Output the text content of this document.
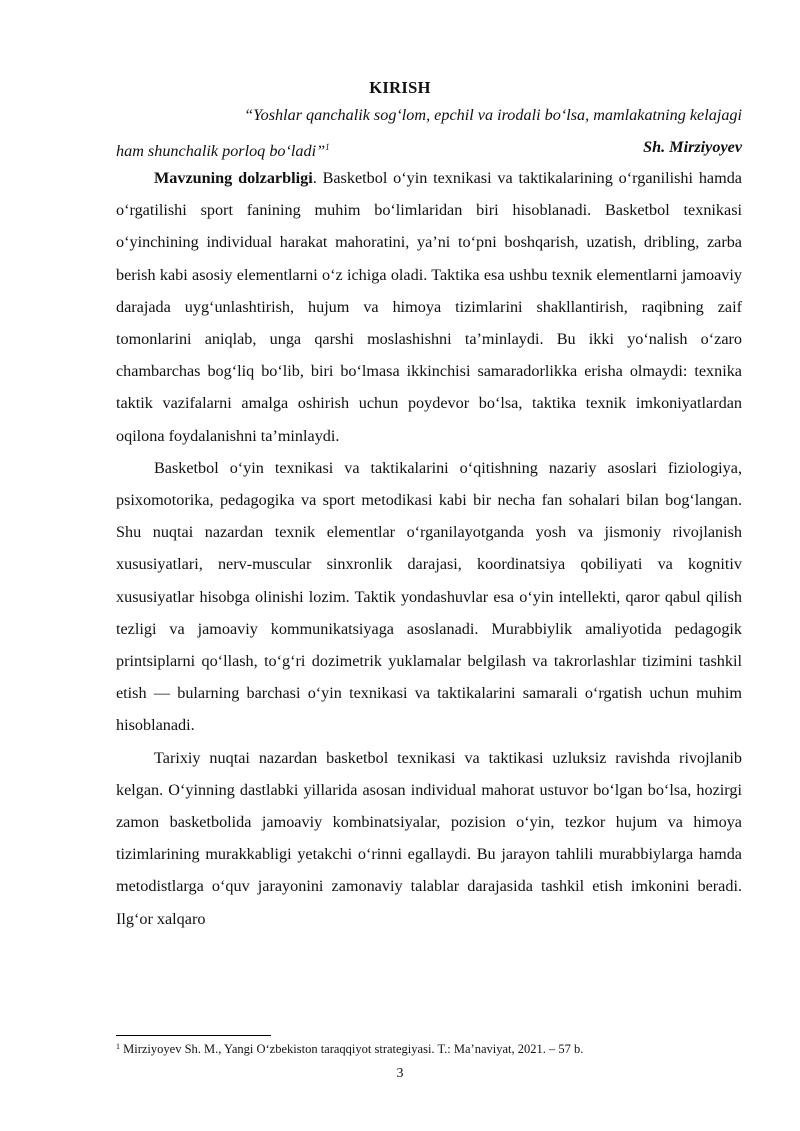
KIRISH
“Yoshlar qanchalik sog‘lom, epchil va irodali bo‘lsa, mamlakatning kelajagi
ham shunchalik porloq bo‘ladi”$^1$	Sh. Mirziyoyev

Mavzuning dolzarbligi. Basketbol o‘yin texnikasi va taktikalarining o‘rganilishi hamda o‘rgatilishi sport fanining muhim bo‘limlaridan biri hisoblanadi. Basketbol texnikasi o‘yinchining individual harakat mahoratini, ya’ni to‘pni boshqarish, uzatish, dribling, zarba berish kabi asosiy elementlarni o‘z ichiga oladi. Taktika esa ushbu texnik elementlarni jamoaviy darajada uyg‘unlashtirish, hujum va himoya tizimlarini shakllantirish, raqibning zaif tomonlarini aniqlab, unga qarshi moslashishni ta’minlaydi. Bu ikki yo‘nalish o‘zaro chambarchas bog‘liq bo‘lib, biri bo‘lmasa ikkinchisi samaradorlikka erisha olmaydi: texnika taktik vazifalarni amalga oshirish uchun poydevor bo‘lsa, taktika texnik imkoniyatlardan oqilona foydalanishni ta’minlaydi.

Basketbol o‘yin texnikasi va taktikalarini o‘qitishning nazariy asoslari fiziologiya, psixomotorika, pedagogika va sport metodikasi kabi bir necha fan sohalari bilan bog‘langan. Shu nuqtai nazardan texnik elementlar o‘rganilayotganda yosh va jismoniy rivojlanish xususiyatlari, nerv-muscular sinxronlik darajasi, koordinatsiya qobiliyati va kognitiv xususiyatlar hisobga olinishi lozim. Taktik yondashuvlar esa o‘yin intellekti, qaror qabul qilish tezligi va jamoaviy kommunikatsiyaga asoslanadi. Murabbiylik amaliyotida pedagogik printsiplarni qo‘llash, to‘g‘ri dozimetrik yuklamalar belgilash va takrorlashlar tizimini tashkil etish — bularning barchasi o‘yin texnikasi va taktikalarini samarali o‘rgatish uchun muhim hisoblanadi.

Tarixiy nuqtai nazardan basketbol texnikasi va taktikasi uzluksiz ravishda rivojlanib kelgan. O‘yinning dastlabki yillarida asosan individual mahorat ustuvor bo‘lgan bo‘lsa, hozirgi zamon basketbolida jamoaviy kombinatsiyalar, pozision o‘yin, tezkor hujum va himoya tizimlarining murakkabligi yetakchi o‘rinni egallaydi. Bu jarayon tahlili murabbiylarga hamda metodistlarga o‘quv jarayonini zamonaviy talablar darajasida tashkil etish imkonini beradi. Ilg‘or xalqaro

$^1$ Mirziyoyev Sh. M., Yangi O‘zbekiston taraqqiyot strategiyasi. T.: Ma’naviyat, 2021. – 57 b.
3
